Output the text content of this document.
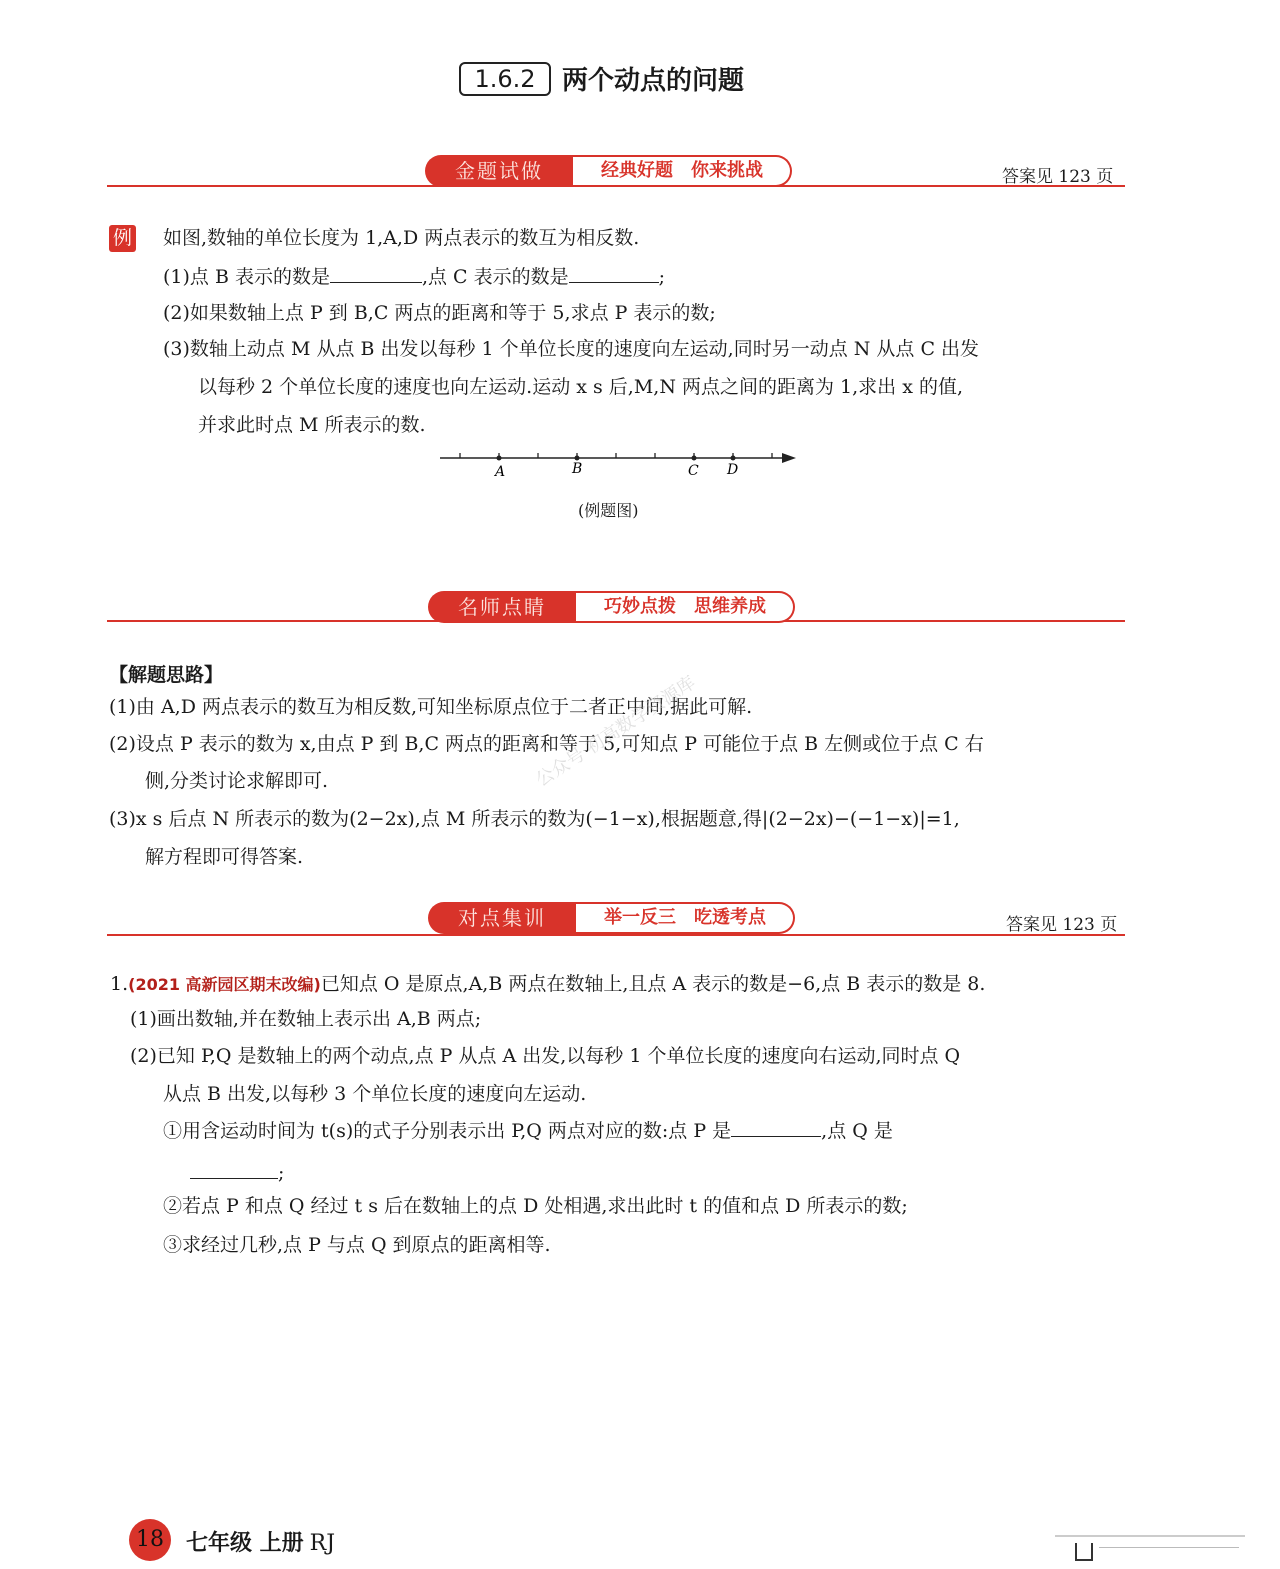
1.6.2	两个动点的问题
金题试做	经典好题 你来挑战	答案见 123 页
例 如图,数轴的单位长度为 1,A,D 两点表示的数互为相反数.
(1)点 B 表示的数是	,点 C 表示的数是	;
(2)如果数轴上点 P 到 B,C 两点的距离和等于 5,求点 P 表示的数;
(3)数轴上动点 M 从点 B 出发以每秒 1 个单位长度的速度向左运动,同时另一动点 N 从点 C 出发
以每秒 2 个单位长度的速度也向左运动.运动 x s 后,M,N 两点之间的距离为 1,求出 x 的值,
并求此时点 M 所表示的数.
A	B	C D
(例题图)
名师点睛	巧妙点拨 思维养成
【解题思路】
(1)由 A,D 两点表示的数互为相反数,可知坐标原点位于二者正中间,据此可解.
(2)设点 P 表示的数为 x,由点 P 到 B,C 两点的距离和等于 5,可知点 P 可能位于点 B 左侧或位于点 C 右
侧,分类讨论求解即可.
(3)x s 后点 N 所表示的数为(2−2x),点 M 所表示的数为(−1−x),根据题意,得|(2−2x)−(−1−x)|=1,
解方程即可得答案.
公众号 初高数学资源库
对点集训	举一反三 吃透考点	答案见 123 页
1.(2021 高新园区期末改编)已知点 O 是原点,A,B 两点在数轴上,且点 A 表示的数是−6,点 B 表示的数是 8.
(1)画出数轴,并在数轴上表示出 A,B 两点;
(2)已知 P,Q 是数轴上的两个动点,点 P 从点 A 出发,以每秒 1 个单位长度的速度向右运动,同时点 Q
从点 B 出发,以每秒 3 个单位长度的速度向左运动.
①用含运动时间为 t(s)的式子分别表示出 P,Q 两点对应的数:点 P 是	,点 Q 是
;
②若点 P 和点 Q 经过 t s 后在数轴上的点 D 处相遇,求出此时 t 的值和点 D 所表示的数;
③求经过几秒,点 P 与点 Q 到原点的距离相等.
18	七年级 上册 RJ
